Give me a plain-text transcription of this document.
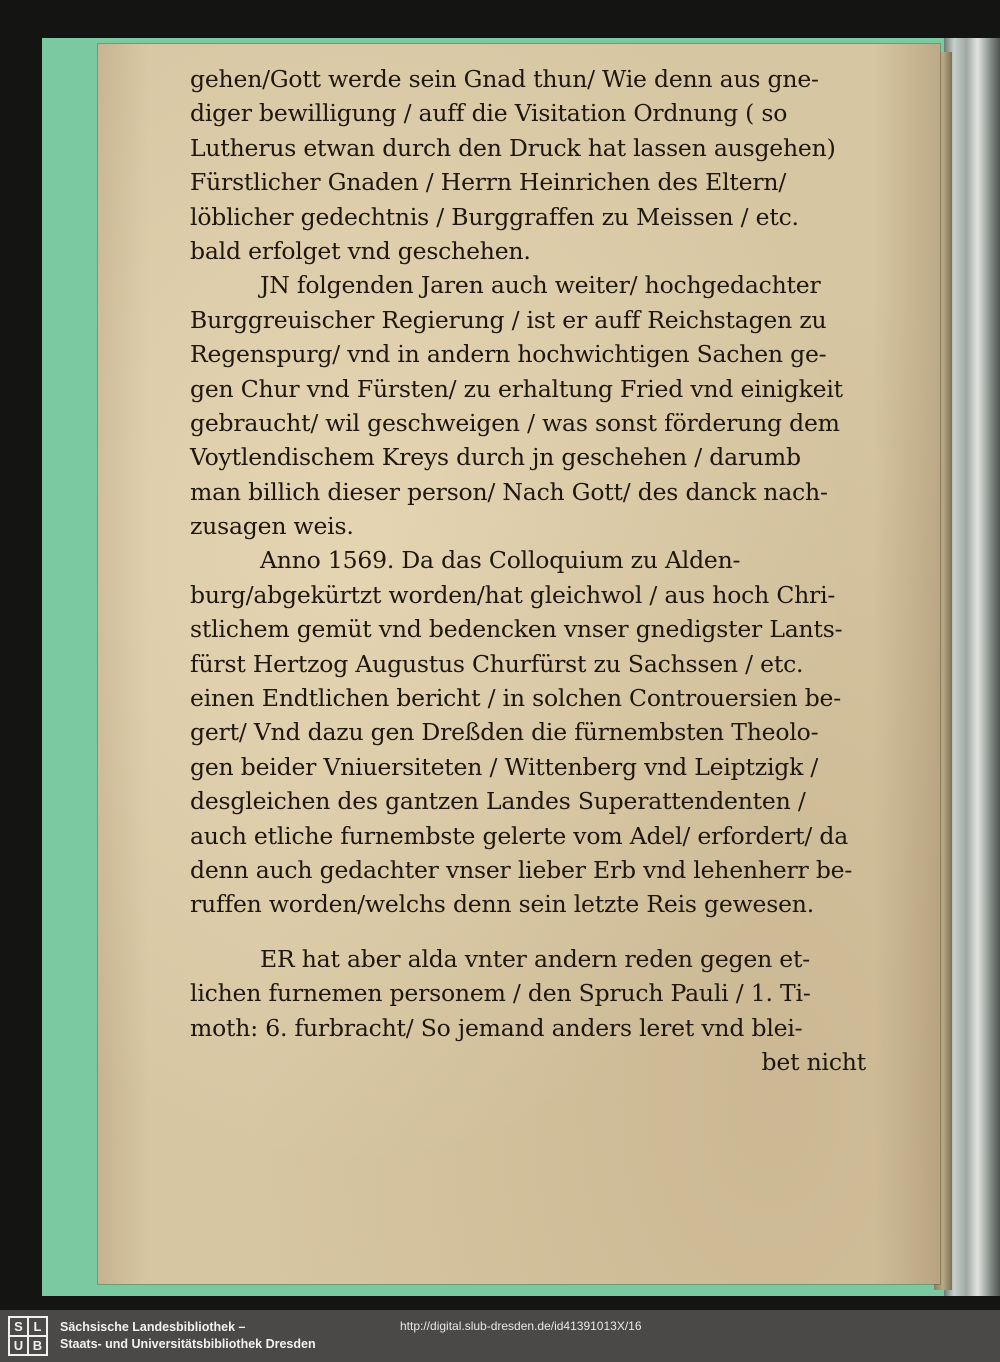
gehen/Gott werde sein Gnad thun/ Wie denn aus gne-
diger bewilligung / auff die Visitation Ordnung ( so
Lutherus etwan durch den Druck hat lassen ausgehen)
Fürstlicher Gnaden / Herrn Heinrichen des Eltern/
löblicher gedechtnis / Burggraffen zu Meissen / etc.
bald erfolget vnd geschehen.
JN folgenden Jaren auch weiter/ hochgedachter
Burggreuischer Regierung / ist er auff Reichstagen zu
Regenspurg/ vnd in andern hochwichtigen Sachen ge-
gen Chur vnd Fürsten/ zu erhaltung Fried vnd einigkeit
gebraucht/ wil geschweigen / was sonst förderung dem
Voytlendischem Kreys durch jn geschehen / darumb
man billich dieser person/ Nach Gott/ des danck nach-
zusagen weis.
Anno 1569. Da das Colloquium zu Alden-
burg/abgekürtzt worden/hat gleichwol / aus hoch Chri-
stlichem gemüt vnd bedencken vnser gnedigster Lants-
fürst Hertzog Augustus Churfürst zu Sachssen / etc.
einen Endtlichen bericht / in solchen Controuersien be-
gert/ Vnd dazu gen Dreßden die fürnembsten Theolo-
gen beider Vniuersiteten / Wittenberg vnd Leiptzigk /
desgleichen des gantzen Landes Superattendenten /
auch etliche furnembste gelerte vom Adel/ erfordert/ da
denn auch gedachter vnser lieber Erb vnd lehenherr be-
ruffen worden/welchs denn sein letzte Reis gewesen.
ER hat aber alda vnter andern reden gegen et-
lichen furnemen personem / den Spruch Pauli / 1. Ti-
moth: 6. furbracht/ So jemand anders leret vnd blei-
bet nicht
S L
U B
Sächsische Landesbibliothek –
Staats- und Universitätsbibliothek Dresden
http://digital.slub-dresden.de/id41391013X/16
